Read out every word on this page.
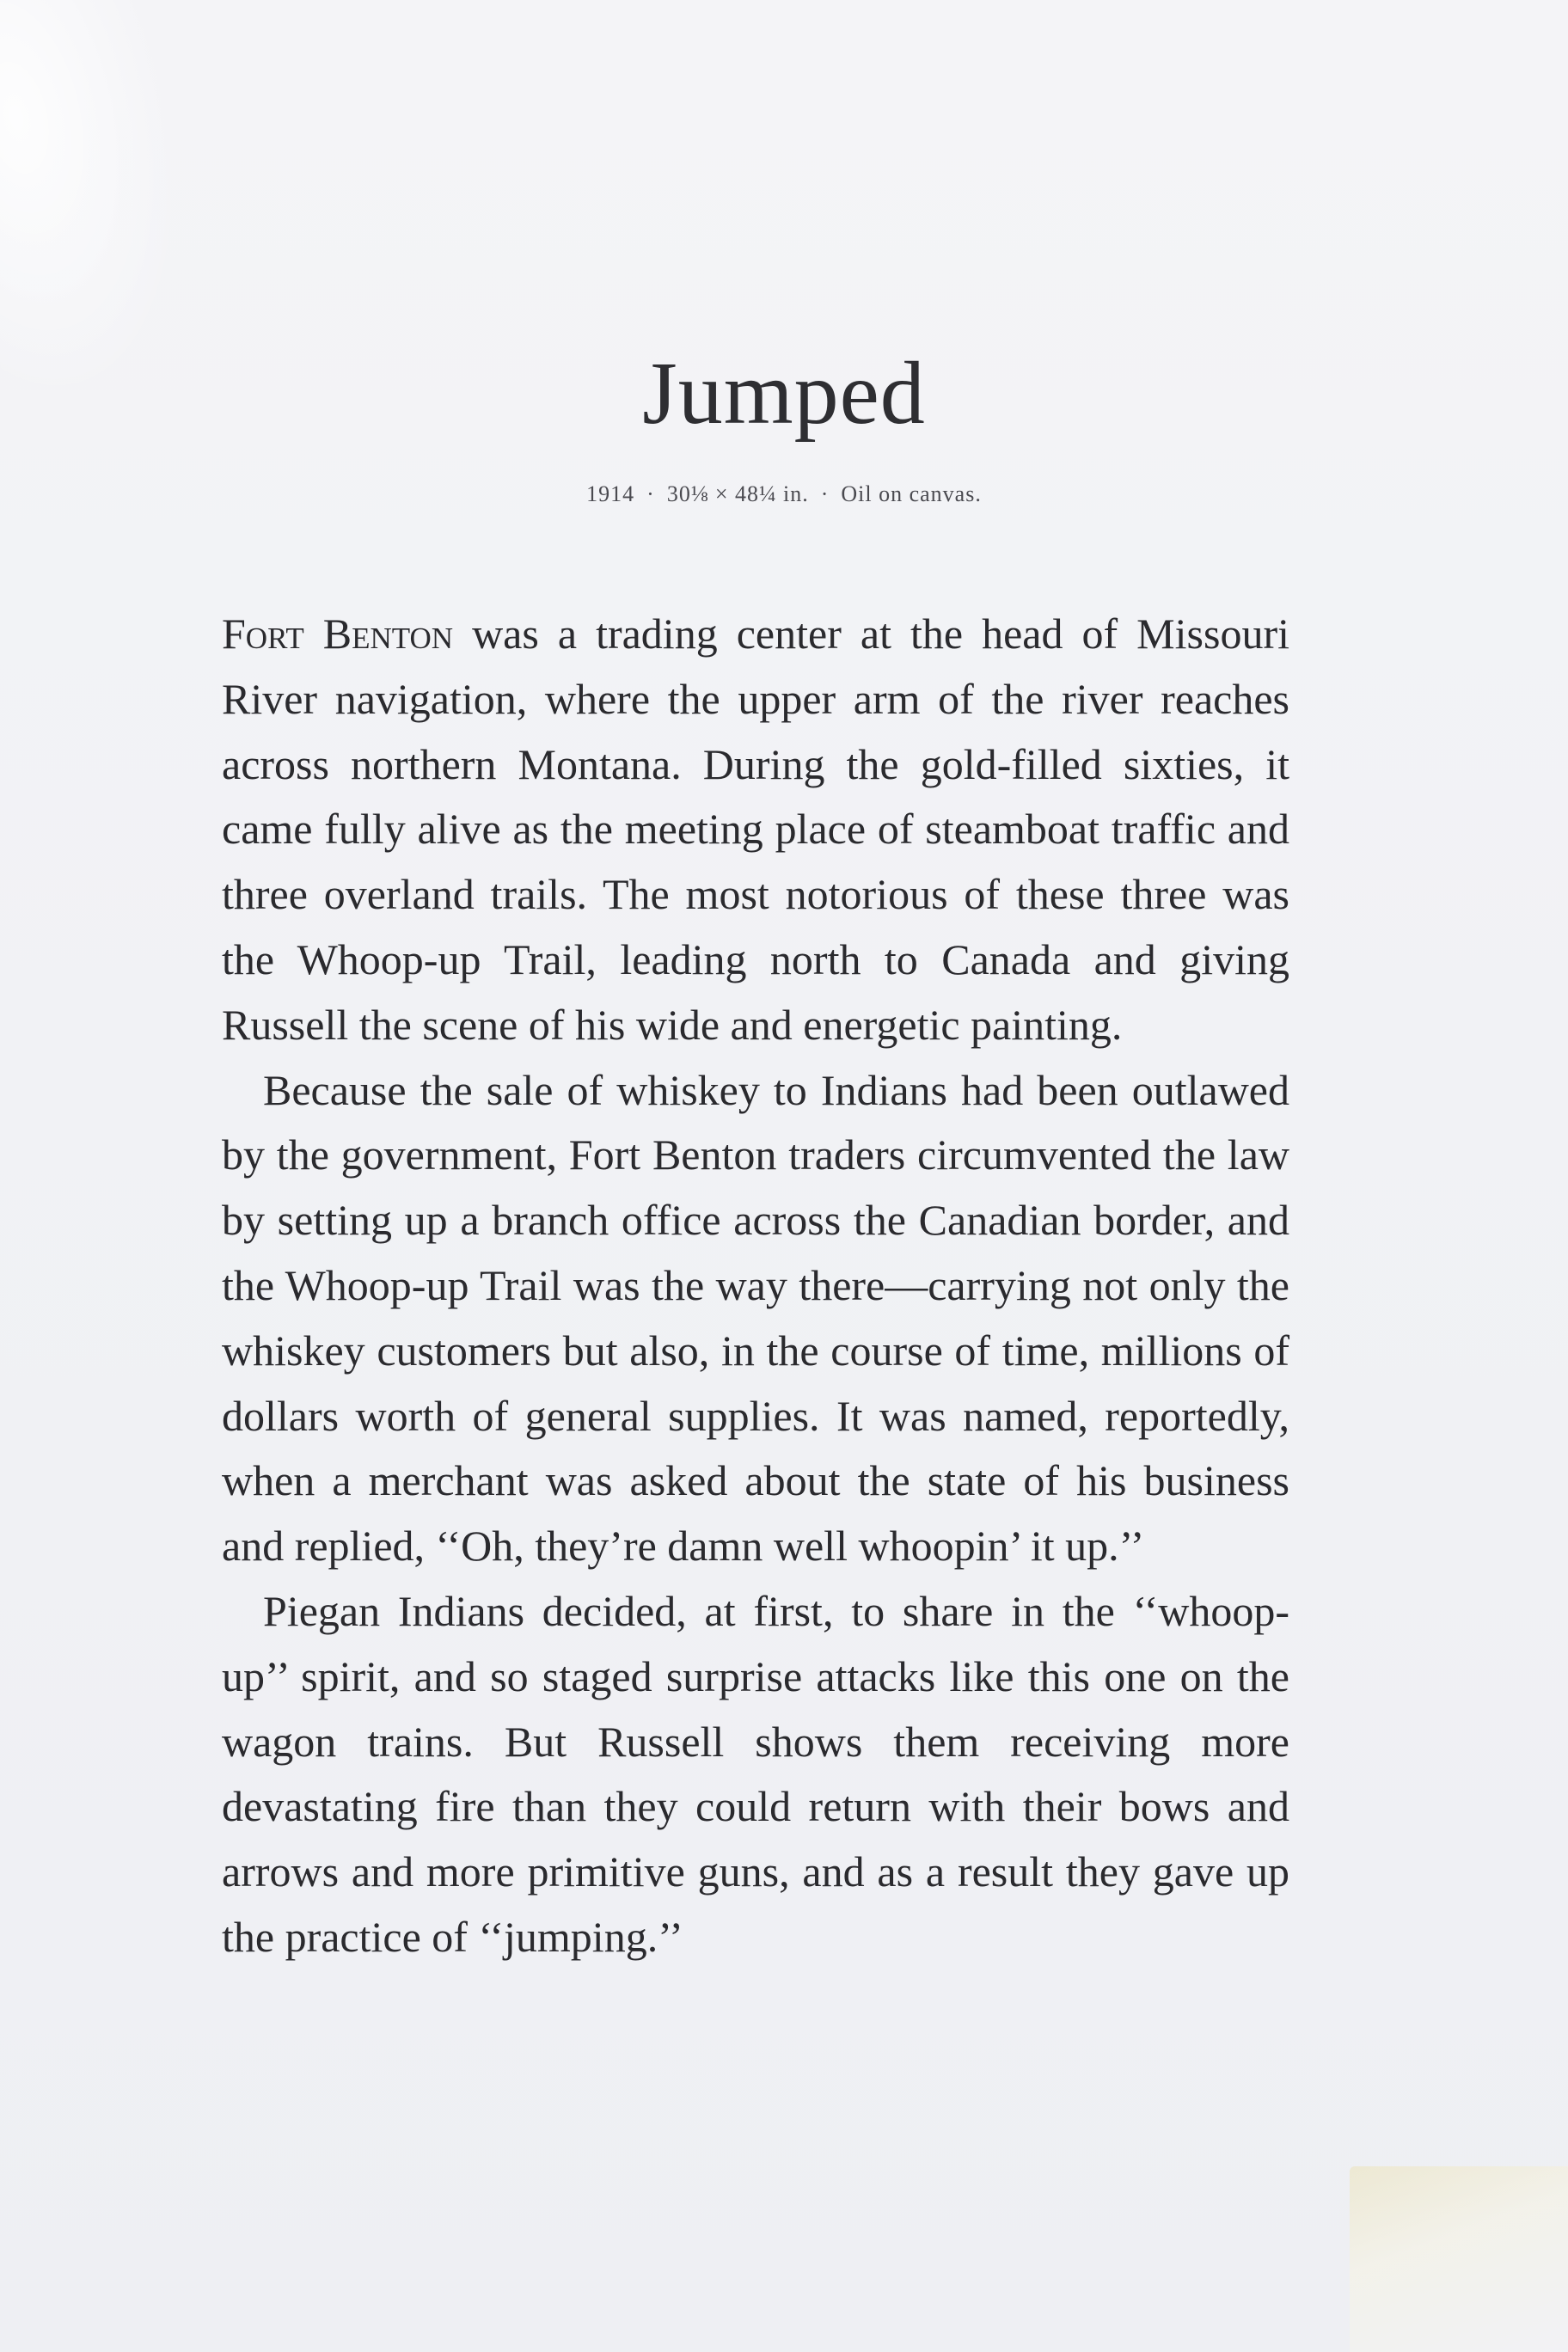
Jumped
1914 · 30⅛ × 48¼ in. · Oil on canvas.

Fort Benton was a trading center at the head of Missouri River navigation, where the upper arm of the river reaches across northern Montana. During the gold-filled sixties, it came fully alive as the meeting place of steamboat traffic and three overland trails. The most notorious of these three was the Whoop-up Trail, leading north to Canada and giving Russell the scene of his wide and energetic painting.

Because the sale of whiskey to Indians had been outlawed by the government, Fort Benton traders circumvented the law by setting up a branch office across the Canadian border, and the Whoop-up Trail was the way there—carrying not only the whiskey customers but also, in the course of time, millions of dollars worth of general supplies. It was named, reportedly, when a merchant was asked about the state of his business and replied, ‘‘Oh, they’re damn well whoopin’ it up.’’

Piegan Indians decided, at first, to share in the ‘‘whoop-up’’ spirit, and so staged surprise attacks like this one on the wagon trains. But Russell shows them receiving more devastating fire than they could return with their bows and arrows and more primitive guns, and as a result they gave up the practice of ‘‘jumping.’’
